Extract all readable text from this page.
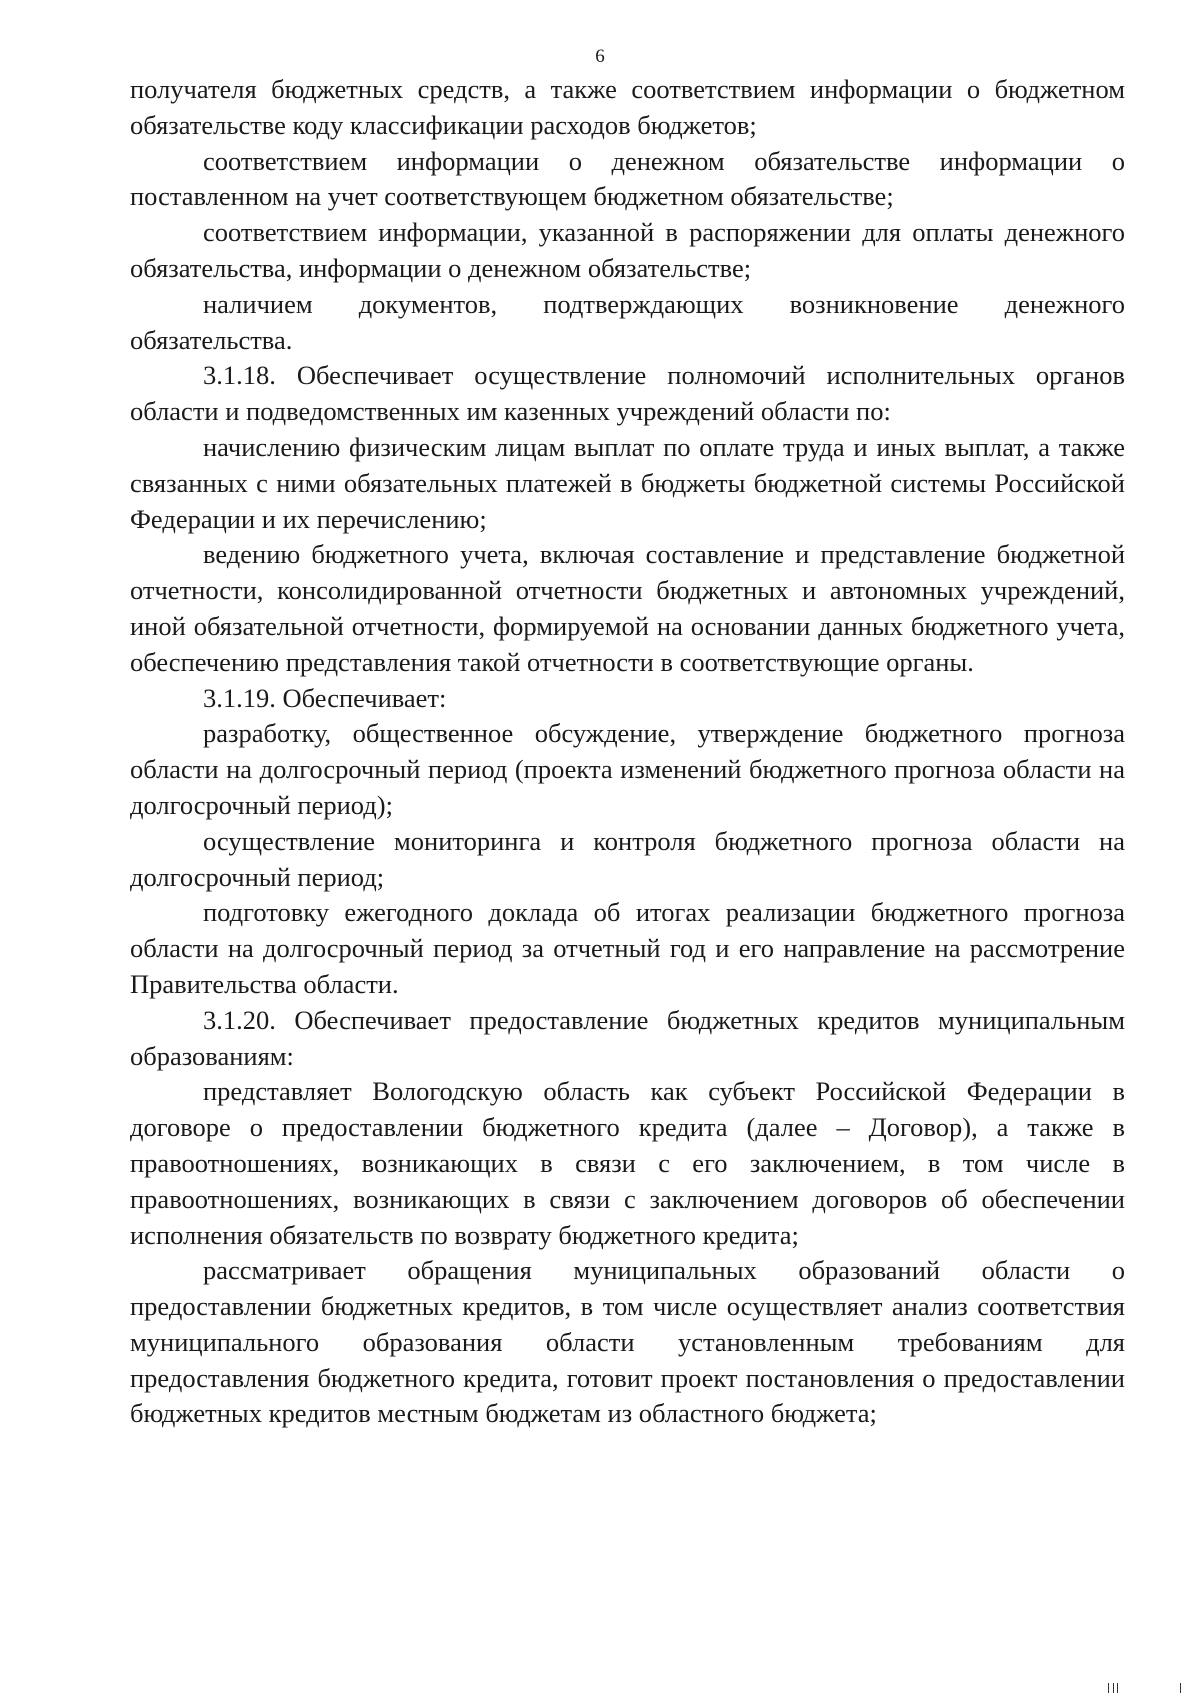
6

получателя бюджетных средств, а также соответствием информации о бюджетном обязательстве коду классификации расходов бюджетов;

соответствием информации о денежном обязательстве информации о поставленном на учет соответствующем бюджетном обязательстве;

соответствием информации, указанной в распоряжении для оплаты денежного обязательства, информации о денежном обязательстве;

наличием документов, подтверждающих возникновение денежного обязательства.

3.1.18. Обеспечивает осуществление полномочий исполнительных органов области и подведомственных им казенных учреждений области по:

начислению физическим лицам выплат по оплате труда и иных выплат, а также связанных с ними обязательных платежей в бюджеты бюджетной системы Российской Федерации и их перечислению;

ведению бюджетного учета, включая составление и представление бюджетной отчетности, консолидированной отчетности бюджетных и автономных учреждений, иной обязательной отчетности, формируемой на основании данных бюджетного учета, обеспечению представления такой отчетности в соответствующие органы.

3.1.19. Обеспечивает:

разработку, общественное обсуждение, утверждение бюджетного прогноза области на долгосрочный период (проекта изменений бюджетного прогноза области на долгосрочный период);

осуществление мониторинга и контроля бюджетного прогноза области на долгосрочный период;

подготовку ежегодного доклада об итогах реализации бюджетного прогноза области на долгосрочный период за отчетный год и его направление на рассмотрение Правительства области.

3.1.20. Обеспечивает предоставление бюджетных кредитов муниципальным образованиям:

представляет Вологодскую область как субъект Российской Федерации в договоре о предоставлении бюджетного кредита (далее – Договор), а также в правоотношениях, возникающих в связи с его заключением, в том числе в правоотношениях, возникающих в связи с заключением договоров об обеспечении исполнения обязательств по возврату бюджетного кредита;

рассматривает обращения муниципальных образований области о предоставлении бюджетных кредитов, в том числе осуществляет анализ соответствия муниципального образования области установленным требованиям для предоставления бюджетного кредита, готовит проект постановления о предоставлении бюджетных кредитов местным бюджетам из областного бюджета;
